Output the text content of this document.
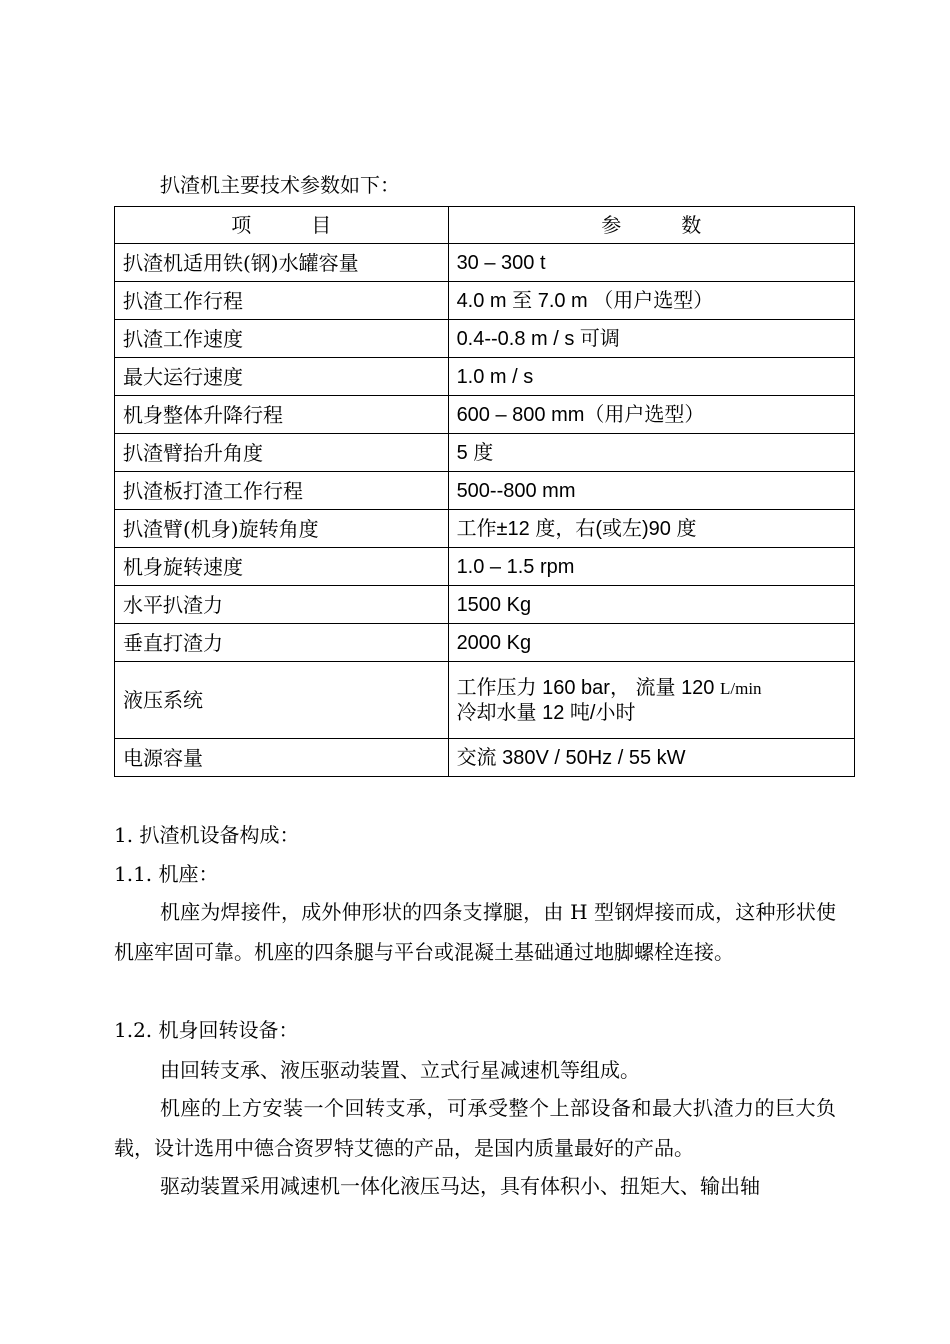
扒渣机主要技术参数如下：

项　　　目	参　　　数
扒渣机适用铁(钢)水罐容量	30 – 300 t
扒渣工作行程	4.0 m 至 7.0 m （用户选型）
扒渣工作速度	0.4--0.8 m / s 可调
最大运行速度	1.0 m / s
机身整体升降行程	600 – 800 mm（用户选型）
扒渣臂抬升角度	5 度
扒渣板打渣工作行程	500--800 mm
扒渣臂(机身)旋转角度	工作±12 度，右(或左)90 度
机身旋转速度	1.0 – 1.5 rpm
水平扒渣力	1500 Kg
垂直打渣力	2000 Kg
液压系统	工作压力 160 bar， 流量 120 L/min
冷却水量 12 吨/小时

电源容量	交流 380V / 50Hz / 55 kW

1. 扒渣机设备构成：

1.1. 机座：

机座为焊接件，成外伸形状的四条支撑腿，由 H 型钢焊接而成，这种形状使机座牢固可靠。机座的四条腿与平台或混凝土基础通过地脚螺栓连接。

1.2. 机身回转设备：

由回转支承、液压驱动装置、立式行星减速机等组成。

机座的上方安装一个回转支承，可承受整个上部设备和最大扒渣力的巨大负载，设计选用中德合资罗特艾德的产品，是国内质量最好的产品。

驱动装置采用减速机一体化液压马达，具有体积小、扭矩大、输出轴
